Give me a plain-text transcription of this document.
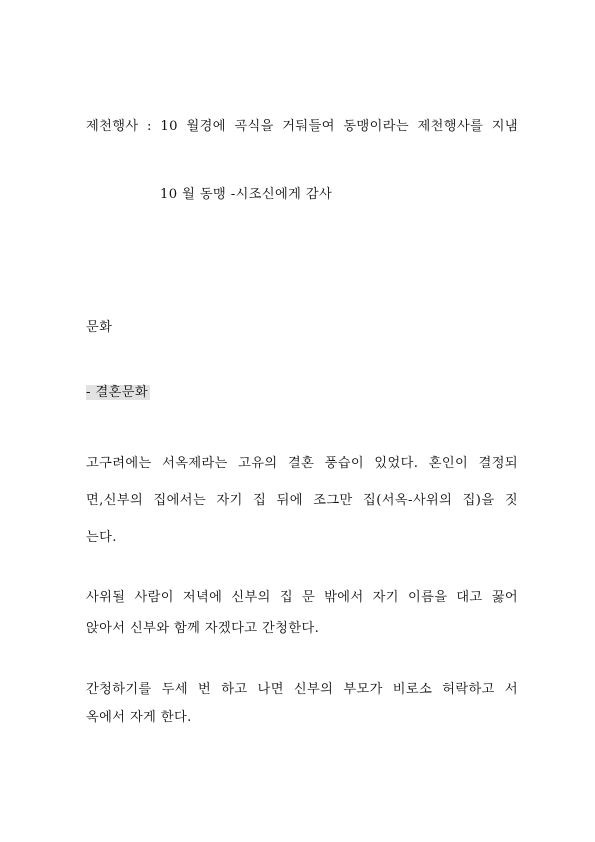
제천행사 : 10 월경에 곡식을 거둬들여 동맹이라는 제천행사를 지냄
10 월 동맹 -시조신에게 감사
문화
- 결혼문화
고구려에는 서옥제라는 고유의 결혼 풍습이 있었다. 혼인이 결정되
면,신부의 집에서는 자기 집 뒤에 조그만 집(서옥-사위의 집)을 짓
는다.
사위될 사람이 저녁에 신부의 집 문 밖에서 자기 이름을 대고 꿇어
앉아서 신부와 함께 자겠다고 간청한다.
간청하기를 두세 번 하고 나면 신부의 부모가 비로소 허락하고 서
옥에서 자게 한다.
